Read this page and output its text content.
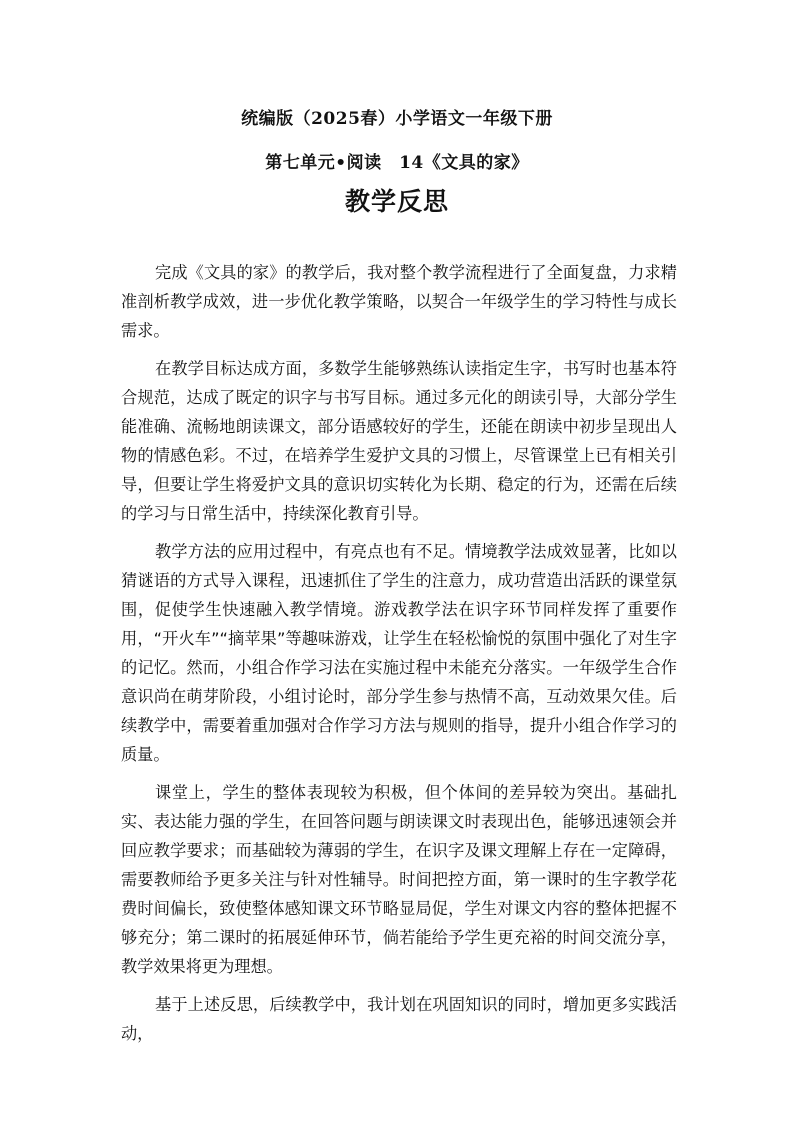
统编版（2025春）小学语文一年级下册
第七单元•阅读　14《文具的家》
教学反思

完成《文具的家》的教学后，我对整个教学流程进行了全面复盘，力求精准剖析教学成效，进一步优化教学策略，以契合一年级学生的学习特性与成长需求。

在教学目标达成方面，多数学生能够熟练认读指定生字，书写时也基本符合规范，达成了既定的识字与书写目标。通过多元化的朗读引导，大部分学生能准确、流畅地朗读课文，部分语感较好的学生，还能在朗读中初步呈现出人物的情感色彩。不过，在培养学生爱护文具的习惯上，尽管课堂上已有相关引导，但要让学生将爱护文具的意识切实转化为长期、稳定的行为，还需在后续的学习与日常生活中，持续深化教育引导。

教学方法的应用过程中，有亮点也有不足。情境教学法成效显著，比如以猜谜语的方式导入课程，迅速抓住了学生的注意力，成功营造出活跃的课堂氛围，促使学生快速融入教学情境。游戏教学法在识字环节同样发挥了重要作用，“开火车”“摘苹果”等趣味游戏，让学生在轻松愉悦的氛围中强化了对生字的记忆。然而，小组合作学习法在实施过程中未能充分落实。一年级学生合作意识尚在萌芽阶段，小组讨论时，部分学生参与热情不高，互动效果欠佳。后续教学中，需要着重加强对合作学习方法与规则的指导，提升小组合作学习的质量。

课堂上，学生的整体表现较为积极，但个体间的差异较为突出。基础扎实、表达能力强的学生，在回答问题与朗读课文时表现出色，能够迅速领会并回应教学要求；而基础较为薄弱的学生，在识字及课文理解上存在一定障碍，需要教师给予更多关注与针对性辅导。时间把控方面，第一课时的生字教学花费时间偏长，致使整体感知课文环节略显局促，学生对课文内容的整体把握不够充分；第二课时的拓展延伸环节，倘若能给予学生更充裕的时间交流分享，教学效果将更为理想。

基于上述反思，后续教学中，我计划在巩固知识的同时，增加更多实践活动，
